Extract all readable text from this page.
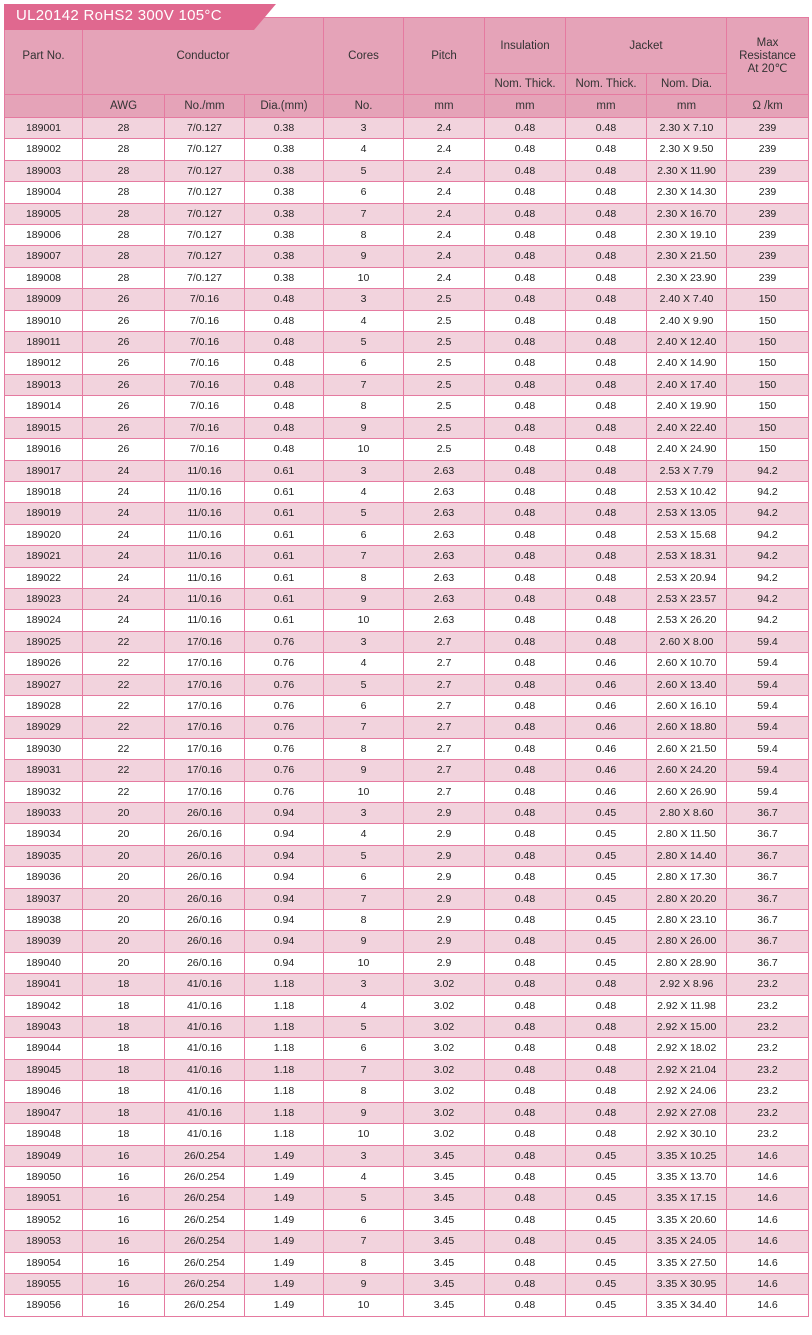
Part No.	Conductor			Cores	Pitch	Insulation	Jacket		Max
Resistance
At 20℃

						Nom. Thick.	Nom. Thick.	Nom. Dia.	
	AWG	No./mm	Dia.(mm)	No.	mm	mm	mm	mm	Ω /km
189001	28	7/0.127	0.38	3	2.4	0.48	0.48	2.30 X 7.10	239
189002	28	7/0.127	0.38	4	2.4	0.48	0.48	2.30 X 9.50	239
189003	28	7/0.127	0.38	5	2.4	0.48	0.48	2.30 X 11.90	239
189004	28	7/0.127	0.38	6	2.4	0.48	0.48	2.30 X 14.30	239
189005	28	7/0.127	0.38	7	2.4	0.48	0.48	2.30 X 16.70	239
189006	28	7/0.127	0.38	8	2.4	0.48	0.48	2.30 X 19.10	239
189007	28	7/0.127	0.38	9	2.4	0.48	0.48	2.30 X 21.50	239
189008	28	7/0.127	0.38	10	2.4	0.48	0.48	2.30 X 23.90	239
189009	26	7/0.16	0.48	3	2.5	0.48	0.48	2.40 X 7.40	150
189010	26	7/0.16	0.48	4	2.5	0.48	0.48	2.40 X 9.90	150
189011	26	7/0.16	0.48	5	2.5	0.48	0.48	2.40 X 12.40	150
189012	26	7/0.16	0.48	6	2.5	0.48	0.48	2.40 X 14.90	150
189013	26	7/0.16	0.48	7	2.5	0.48	0.48	2.40 X 17.40	150
189014	26	7/0.16	0.48	8	2.5	0.48	0.48	2.40 X 19.90	150
189015	26	7/0.16	0.48	9	2.5	0.48	0.48	2.40 X 22.40	150
189016	26	7/0.16	0.48	10	2.5	0.48	0.48	2.40 X 24.90	150
189017	24	11/0.16	0.61	3	2.63	0.48	0.48	2.53 X 7.79	94.2
189018	24	11/0.16	0.61	4	2.63	0.48	0.48	2.53 X 10.42	94.2
189019	24	11/0.16	0.61	5	2.63	0.48	0.48	2.53 X 13.05	94.2
189020	24	11/0.16	0.61	6	2.63	0.48	0.48	2.53 X 15.68	94.2
189021	24	11/0.16	0.61	7	2.63	0.48	0.48	2.53 X 18.31	94.2
189022	24	11/0.16	0.61	8	2.63	0.48	0.48	2.53 X 20.94	94.2
189023	24	11/0.16	0.61	9	2.63	0.48	0.48	2.53 X 23.57	94.2
189024	24	11/0.16	0.61	10	2.63	0.48	0.48	2.53 X 26.20	94.2
189025	22	17/0.16	0.76	3	2.7	0.48	0.48	2.60 X 8.00	59.4
189026	22	17/0.16	0.76	4	2.7	0.48	0.46	2.60 X 10.70	59.4
189027	22	17/0.16	0.76	5	2.7	0.48	0.46	2.60 X 13.40	59.4
189028	22	17/0.16	0.76	6	2.7	0.48	0.46	2.60 X 16.10	59.4
189029	22	17/0.16	0.76	7	2.7	0.48	0.46	2.60 X 18.80	59.4
189030	22	17/0.16	0.76	8	2.7	0.48	0.46	2.60 X 21.50	59.4
189031	22	17/0.16	0.76	9	2.7	0.48	0.46	2.60 X 24.20	59.4
189032	22	17/0.16	0.76	10	2.7	0.48	0.46	2.60 X 26.90	59.4
189033	20	26/0.16	0.94	3	2.9	0.48	0.45	2.80 X 8.60	36.7
189034	20	26/0.16	0.94	4	2.9	0.48	0.45	2.80 X 11.50	36.7
189035	20	26/0.16	0.94	5	2.9	0.48	0.45	2.80 X 14.40	36.7
189036	20	26/0.16	0.94	6	2.9	0.48	0.45	2.80 X 17.30	36.7
189037	20	26/0.16	0.94	7	2.9	0.48	0.45	2.80 X 20.20	36.7
189038	20	26/0.16	0.94	8	2.9	0.48	0.45	2.80 X 23.10	36.7
189039	20	26/0.16	0.94	9	2.9	0.48	0.45	2.80 X 26.00	36.7
189040	20	26/0.16	0.94	10	2.9	0.48	0.45	2.80 X 28.90	36.7
189041	18	41/0.16	1.18	3	3.02	0.48	0.48	2.92 X 8.96	23.2
189042	18	41/0.16	1.18	4	3.02	0.48	0.48	2.92 X 11.98	23.2
189043	18	41/0.16	1.18	5	3.02	0.48	0.48	2.92 X 15.00	23.2
189044	18	41/0.16	1.18	6	3.02	0.48	0.48	2.92 X 18.02	23.2
189045	18	41/0.16	1.18	7	3.02	0.48	0.48	2.92 X 21.04	23.2
189046	18	41/0.16	1.18	8	3.02	0.48	0.48	2.92 X 24.06	23.2
189047	18	41/0.16	1.18	9	3.02	0.48	0.48	2.92 X 27.08	23.2
189048	18	41/0.16	1.18	10	3.02	0.48	0.48	2.92 X 30.10	23.2
189049	16	26/0.254	1.49	3	3.45	0.48	0.45	3.35 X 10.25	14.6
189050	16	26/0.254	1.49	4	3.45	0.48	0.45	3.35 X 13.70	14.6
189051	16	26/0.254	1.49	5	3.45	0.48	0.45	3.35 X 17.15	14.6
189052	16	26/0.254	1.49	6	3.45	0.48	0.45	3.35 X 20.60	14.6
189053	16	26/0.254	1.49	7	3.45	0.48	0.45	3.35 X 24.05	14.6
189054	16	26/0.254	1.49	8	3.45	0.48	0.45	3.35 X 27.50	14.6
189055	16	26/0.254	1.49	9	3.45	0.48	0.45	3.35 X 30.95	14.6
189056	16	26/0.254	1.49	10	3.45	0.48	0.45	3.35 X 34.40	14.6
UL20142 RoHS2 300V 105°C
